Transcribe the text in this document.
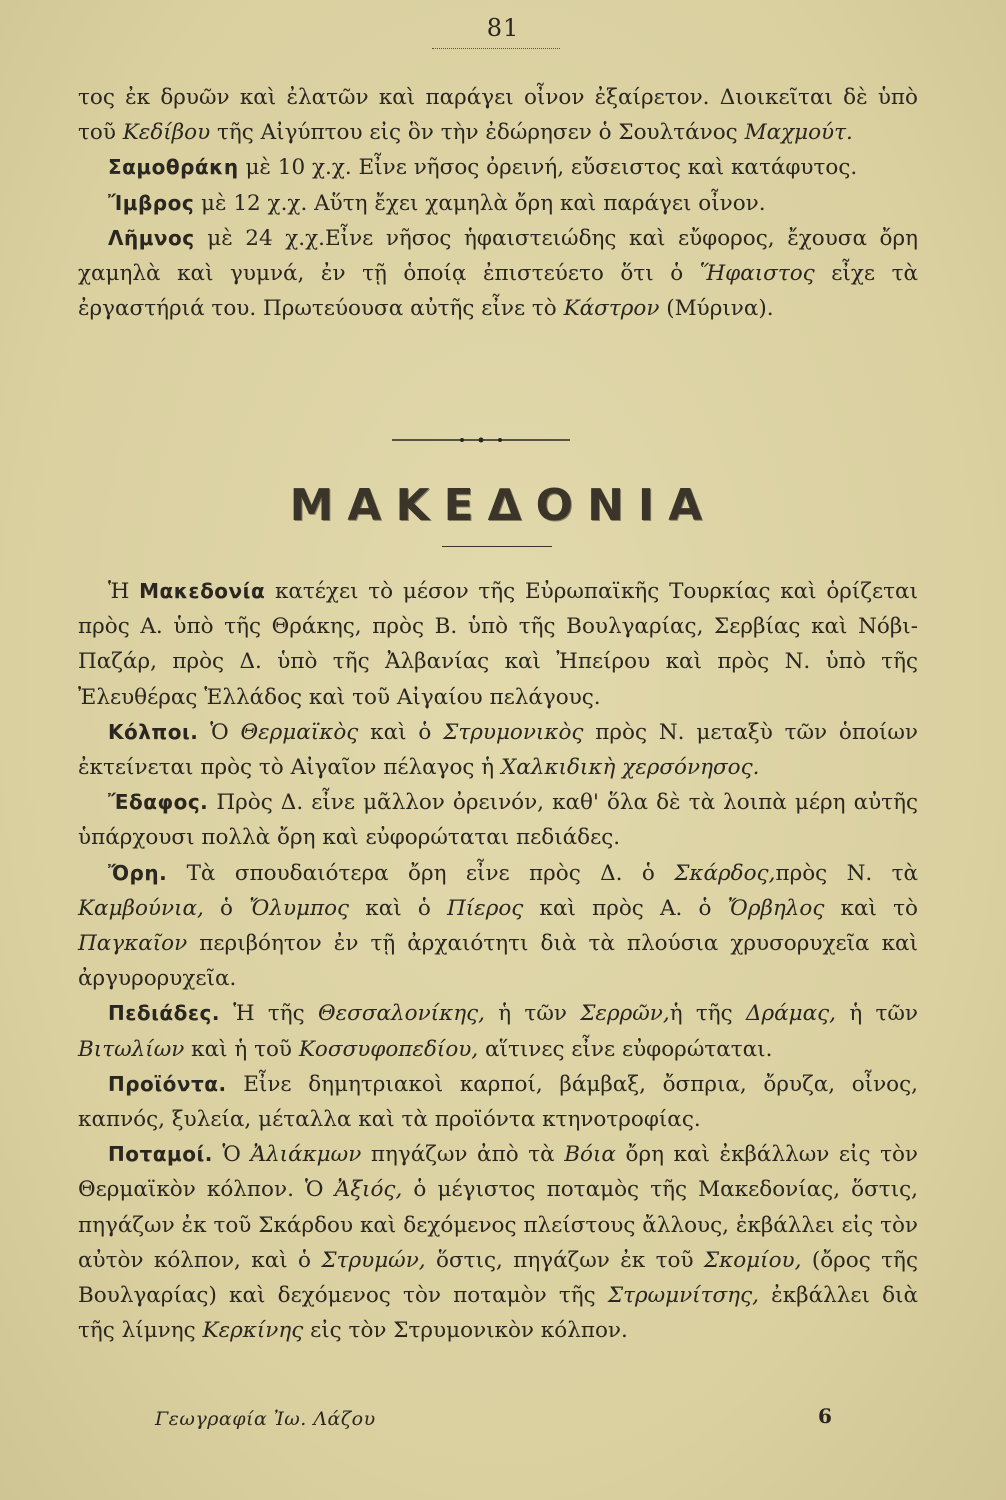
81

τος ἐκ δρυῶν καὶ ἐλατῶν καὶ παράγει οἶνον ἐξαίρετον. Διοικεῖται δὲ ὑπὸ τοῦ Κεδίβου τῆς Αἰγύπτου εἰς ὃν τὴν ἐδώρησεν ὁ Σουλτάνος Μαχμούτ.

Σαμοθράκη μὲ 10 χ.χ. Εἶνε νῆσος ὀρεινή, εὔσειστος καὶ κατάφυτος.

Ἴμβρος μὲ 12 χ.χ. Αὕτη ἔχει χαμηλὰ ὄρη καὶ παράγει οἶνον.

Λῆμνος μὲ 24 χ.χ.Εἶνε νῆσος ἡφαιστειώδης καὶ εὔφορος, ἔχουσα ὄρη χαμηλὰ καὶ γυμνά, ἐν τῇ ὁποίᾳ ἐπιστεύετο ὅτι ὁ Ἥφαιστος εἶχε τὰ ἐργαστήριά του. Πρωτεύουσα αὐτῆς εἶνε τὸ Κάστρον (Μύρινα).

ΜΑΚΕΔΟΝΙΑ

Ἡ Μακεδονία κατέχει τὸ μέσον τῆς Εὐρωπαϊκῆς Τουρκίας καὶ ὁρίζεται πρὸς Α. ὑπὸ τῆς Θράκης, πρὸς Β. ὑπὸ τῆς Βουλγαρίας, Σερβίας καὶ Νόβι-Παζάρ, πρὸς Δ. ὑπὸ τῆς Ἀλβανίας καὶ Ἠπείρου καὶ πρὸς Ν. ὑπὸ τῆς Ἐλευθέρας Ἑλλάδος καὶ τοῦ Αἰγαίου πελάγους.

Κόλποι. Ὁ Θερμαϊκὸς καὶ ὁ Στρυμονικὸς πρὸς Ν. μεταξὺ τῶν ὁποίων ἐκτείνεται πρὸς τὸ Αἰγαῖον πέλαγος ἡ Χαλκιδικὴ χερσόνησος.

Ἔδαφος. Πρὸς Δ. εἶνε μᾶλλον ὀρεινόν, καθ' ὅλα δὲ τὰ λοιπὰ μέρη αὐτῆς ὑπάρχουσι πολλὰ ὄρη καὶ εὐφορώταται πεδιάδες.

Ὄρη. Τὰ σπουδαιότερα ὄρη εἶνε πρὸς Δ. ὁ Σκάρδος,πρὸς Ν. τὰ Καμβούνια, ὁ Ὄλυμπος καὶ ὁ Πίερος καὶ πρὸς Α. ὁ Ὄρβηλος καὶ τὸ Παγκαῖον περιβόητον ἐν τῇ ἀρχαιότητι διὰ τὰ πλούσια χρυσορυχεῖα καὶ ἀργυρορυχεῖα.

Πεδιάδες. Ἡ τῆς Θεσσαλονίκης, ἡ τῶν Σερρῶν,ἡ τῆς Δράμας, ἡ τῶν Βιτωλίων καὶ ἡ τοῦ Κοσσυφοπεδίου, αἵτινες εἶνε εὐφορώταται.

Προϊόντα. Εἶνε δημητριακοὶ καρποί, βάμβαξ, ὄσπρια, ὄρυζα, οἶνος, καπνός, ξυλεία, μέταλλα καὶ τὰ προϊόντα κτηνοτροφίας.

Ποταμοί. Ὁ Ἀλιάκμων πηγάζων ἀπὸ τὰ Βόια ὄρη καὶ ἐκβάλλων εἰς τὸν Θερμαϊκὸν κόλπον. Ὁ Ἀξιός, ὁ μέγιστος ποταμὸς τῆς Μακεδονίας, ὅστις, πηγάζων ἐκ τοῦ Σκάρδου καὶ δεχόμενος πλείστους ἄλλους, ἐκβάλλει εἰς τὸν αὐτὸν κόλπον, καὶ ὁ Στρυμών, ὅστις, πηγάζων ἐκ τοῦ Σκομίου, (ὄρος τῆς Βουλγαρίας) καὶ δεχόμενος τὸν ποταμὸν τῆς Στρωμνίτσης, ἐκβάλλει διὰ τῆς λίμνης Κερκίνης εἰς τὸν Στρυμονικὸν κόλπον.

Γεωγραφία Ἰω. Λάζου	6
